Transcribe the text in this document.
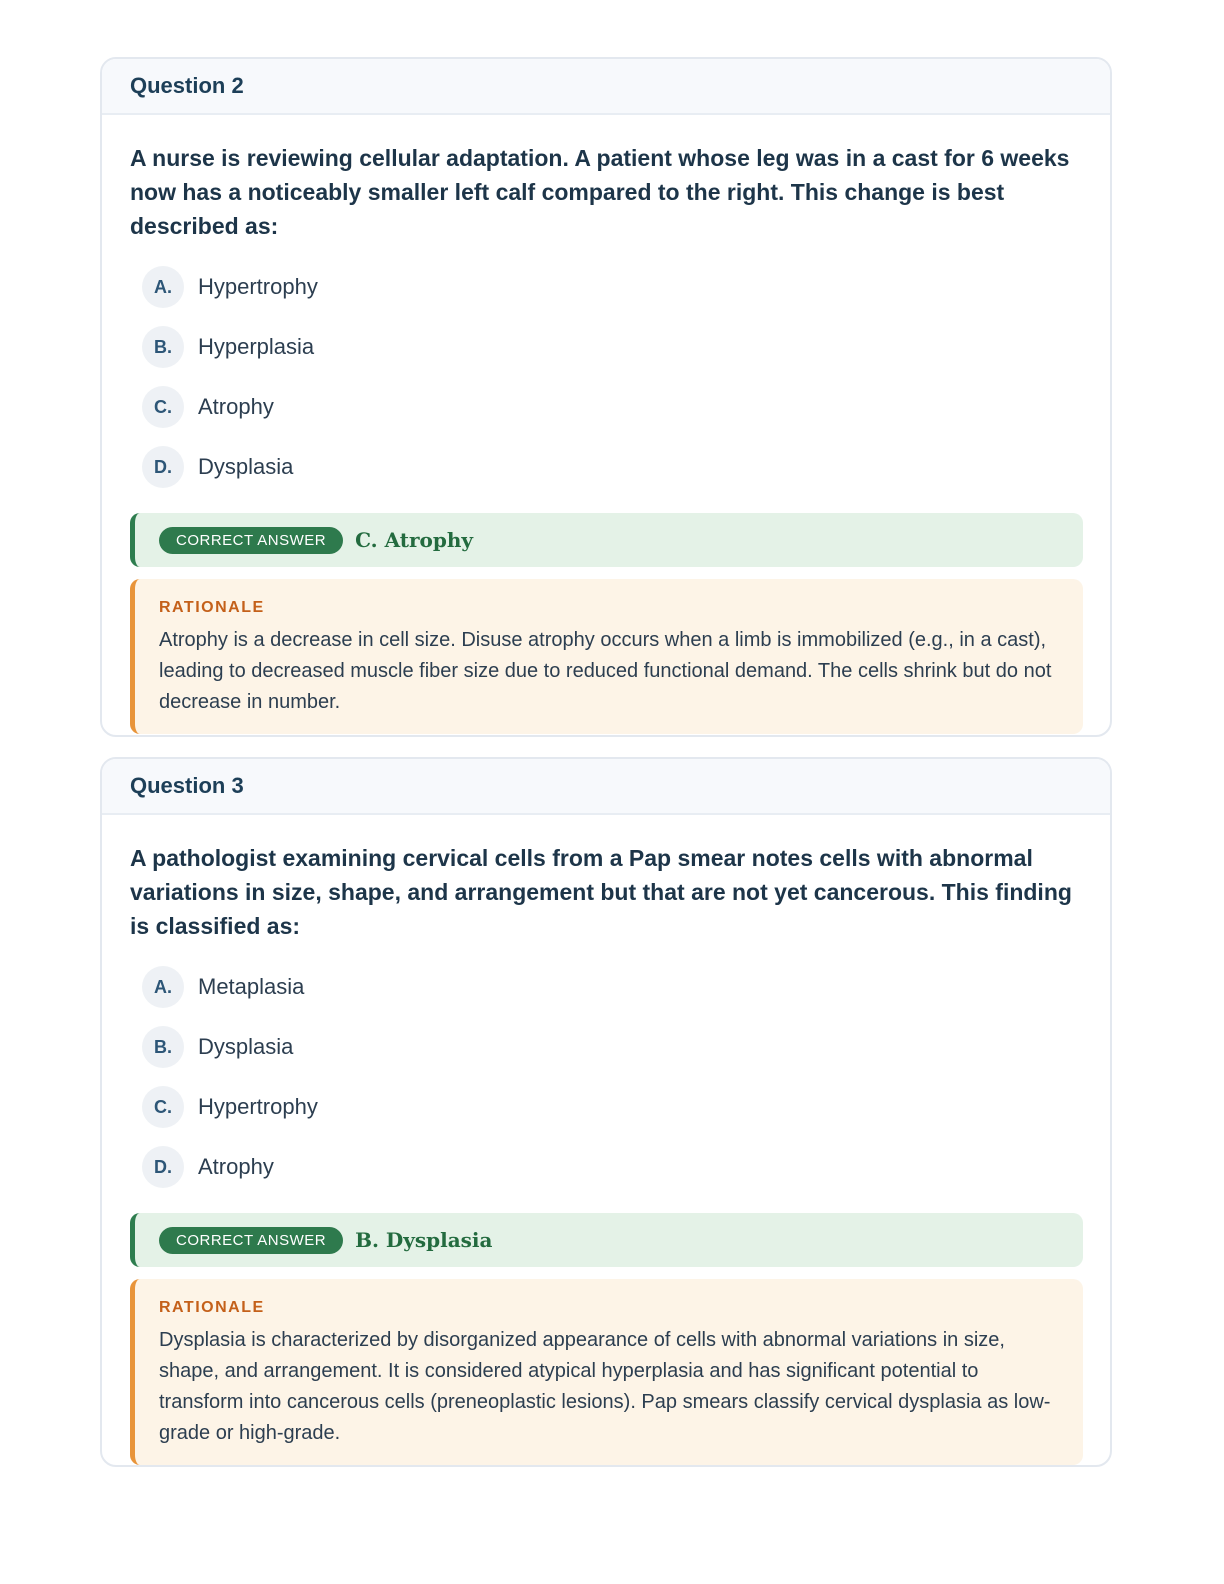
Question 2

A nurse is reviewing cellular adaptation. A patient whose leg was in a cast for 6 weeks now has a noticeably smaller left calf compared to the right. This change is best described as:

A.	Hypertrophy
B.	Hyperplasia
C.	Atrophy
D.	Dysplasia
CORRECT ANSWER	C. Atrophy
RATIONALE
Atrophy is a decrease in cell size. Disuse atrophy occurs when a limb is immobilized (e.g., in a cast), leading to decreased muscle fiber size due to reduced functional demand. The cells shrink but do not decrease in number.
Question 3

A pathologist examining cervical cells from a Pap smear notes cells with abnormal variations in size, shape, and arrangement but that are not yet cancerous. This finding is classified as:

A.	Metaplasia
B.	Dysplasia
C.	Hypertrophy
D.	Atrophy
CORRECT ANSWER	B. Dysplasia
RATIONALE
Dysplasia is characterized by disorganized appearance of cells with abnormal variations in size, shape, and arrangement. It is considered atypical hyperplasia and has significant potential to transform into cancerous cells (preneoplastic lesions). Pap smears classify cervical dysplasia as low-grade or high-grade.
